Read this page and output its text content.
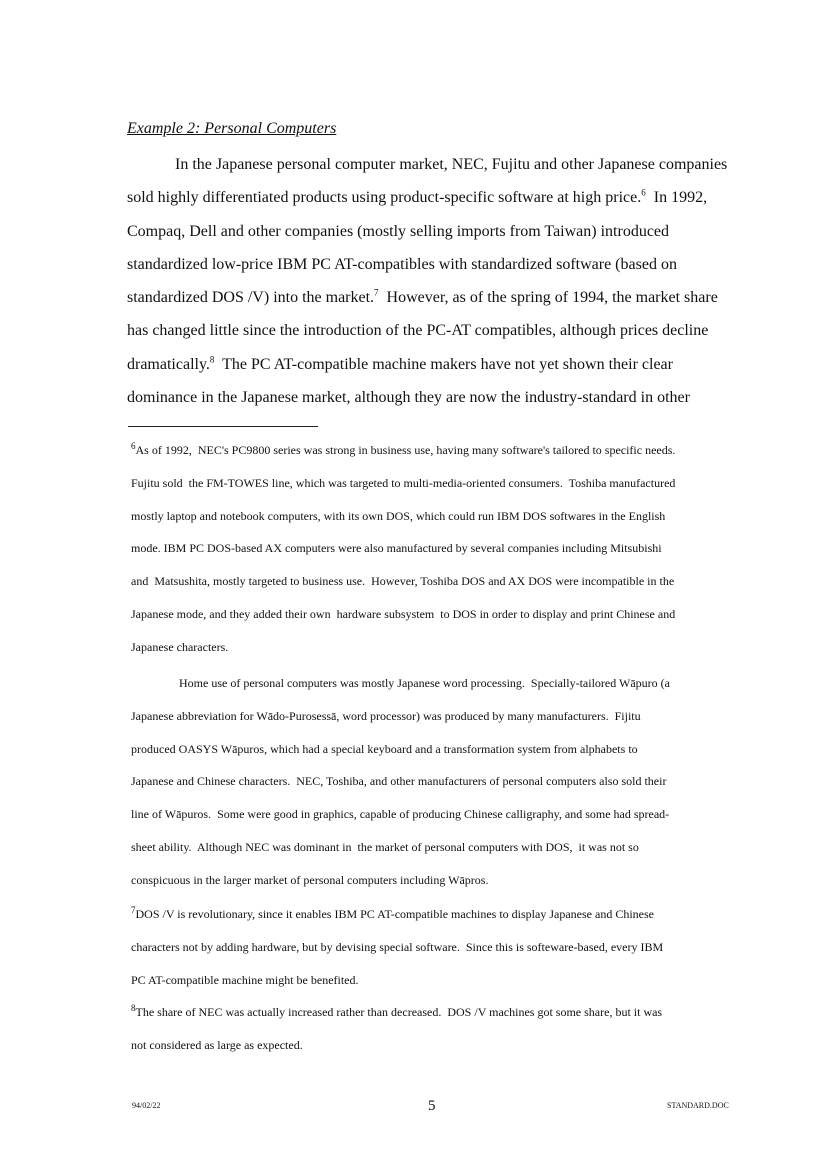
Example 2: Personal Computers
In the Japanese personal computer market, NEC, Fujitu and other Japanese companies
sold highly differentiated products using product-specific software at high price.$^6$  In 1992,
Compaq, Dell and other companies (mostly selling imports from Taiwan) introduced
standardized low-price IBM PC AT-compatibles with standardized software (based on
standardized DOS /V) into the market.$^7$  However, as of the spring of 1994, the market share
has changed little since the introduction of the PC-AT compatibles, although prices decline
dramatically.$^8$  The PC AT-compatible machine makers have not yet shown their clear
dominance in the Japanese market, although they are now the industry-standard in other
$^6$As of 1992,  NEC's PC9800 series was strong in business use, having many software's tailored to specific needs.
Fujitu sold  the FM-TOWES line, which was targeted to multi-media-oriented consumers.  Toshiba manufactured
mostly laptop and notebook computers, with its own DOS, which could run IBM DOS softwares in the English
mode. IBM PC DOS-based AX computers were also manufactured by several companies including Mitsubishi
and  Matsushita, mostly targeted to business use.  However, Toshiba DOS and AX DOS were incompatible in the
Japanese mode, and they added their own  hardware subsystem  to DOS in order to display and print Chinese and
Japanese characters.
Home use of personal computers was mostly Japanese word processing.  Specially-tailored Wāpuro (a
Japanese abbreviation for Wādo-Purosessā, word processor) was produced by many manufacturers.  Fijitu
produced OASYS Wāpuros, which had a special keyboard and a transformation system from alphabets to
Japanese and Chinese characters.  NEC, Toshiba, and other manufacturers of personal computers also sold their
line of Wāpuros.  Some were good in graphics, capable of producing Chinese calligraphy, and some had spread-
sheet ability.  Although NEC was dominant in  the market of personal computers with DOS,  it was not so
conspicuous in the larger market of personal computers including Wāpros.
$^7$DOS /V is revolutionary, since it enables IBM PC AT-compatible machines to display Japanese and Chinese
characters not by adding hardware, but by devising special software.  Since this is softeware-based, every IBM
PC AT-compatible machine might be benefited.
$^8$The share of NEC was actually increased rather than decreased.  DOS /V machines got some share, but it was
not considered as large as expected.
94/02/22	5	STANDARD.DOC
